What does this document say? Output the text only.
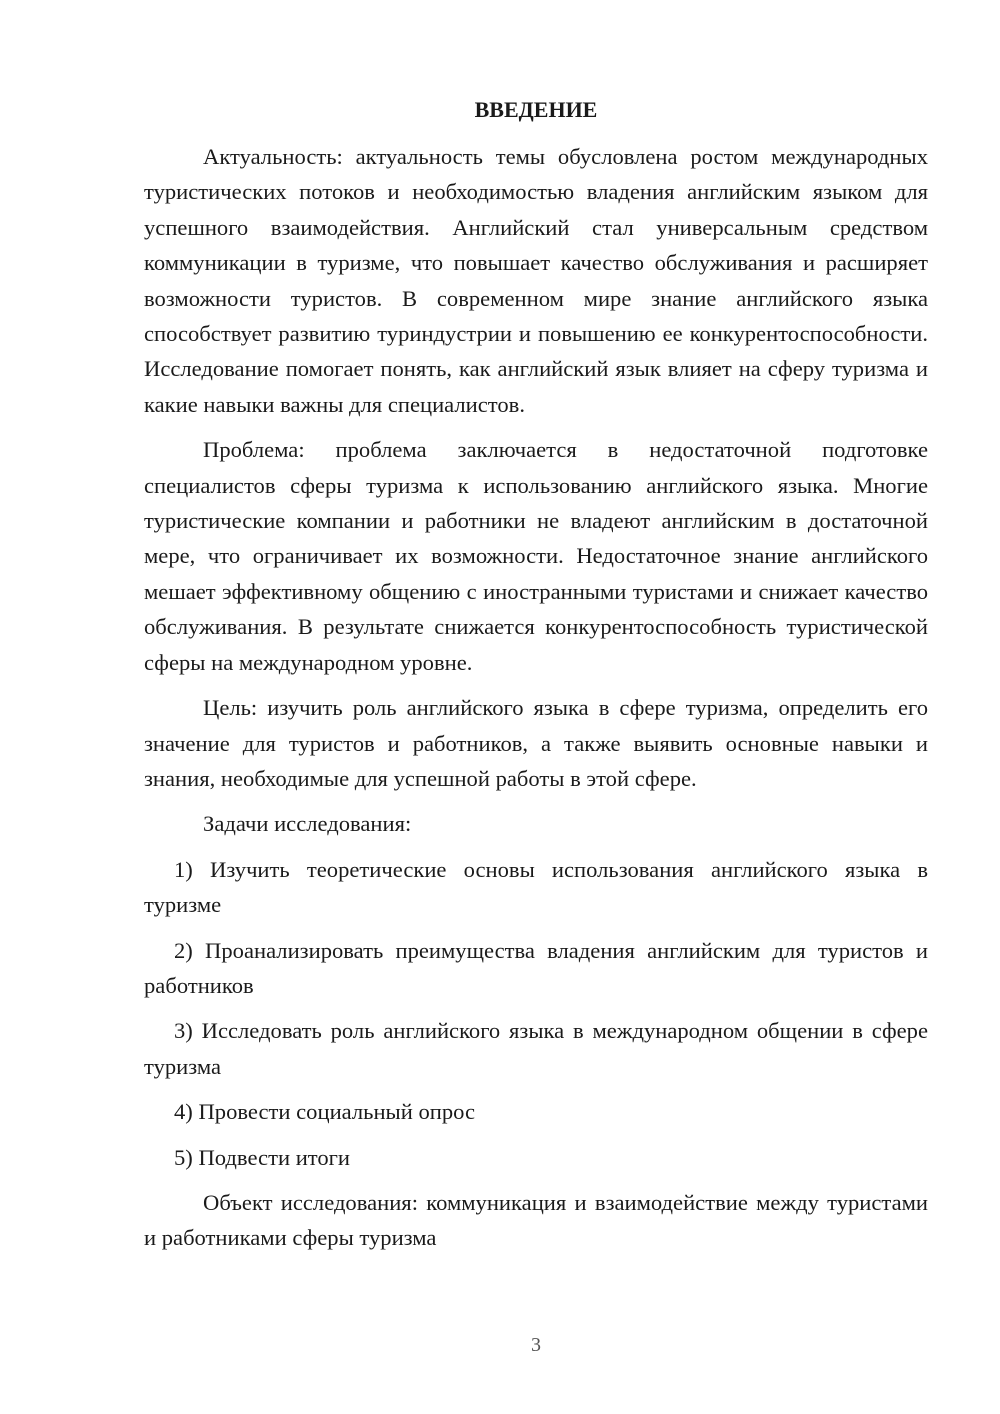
ВВЕДЕНИЕ

Актуальность: актуальность темы обусловлена ростом международных туристических потоков и необходимостью владения английским языком для успешного взаимодействия. Английский стал универсальным средством коммуникации в туризме, что повышает качество обслуживания и расширяет возможности туристов. В современном мире знание английского языка способствует развитию туриндустрии и повышению ее конкурентоспособности. Исследование помогает понять, как английский язык влияет на сферу туризма и какие навыки важны для специалистов.

Проблема: проблема заключается в недостаточной подготовке специалистов сферы туризма к использованию английского языка. Многие туристические компании и работники не владеют английским в достаточной мере, что ограничивает их возможности. Недостаточное знание английского мешает эффективному общению с иностранными туристами и снижает качество обслуживания. В результате снижается конкурентоспособность туристической сферы на международном уровне.

Цель: изучить роль английского языка в сфере туризма, определить его значение для туристов и работников, а также выявить основные навыки и знания, необходимые для успешной работы в этой сфере.

Задачи исследования:

1) Изучить теоретические основы использования английского языка в туризме

2) Проанализировать преимущества владения английским для туристов и работников

3) Исследовать роль английского языка в международном общении в сфере туризма

4) Провести социальный опрос

5) Подвести итоги

Объект исследования: коммуникация и взаимодействие между туристами и работниками сферы туризма

3
